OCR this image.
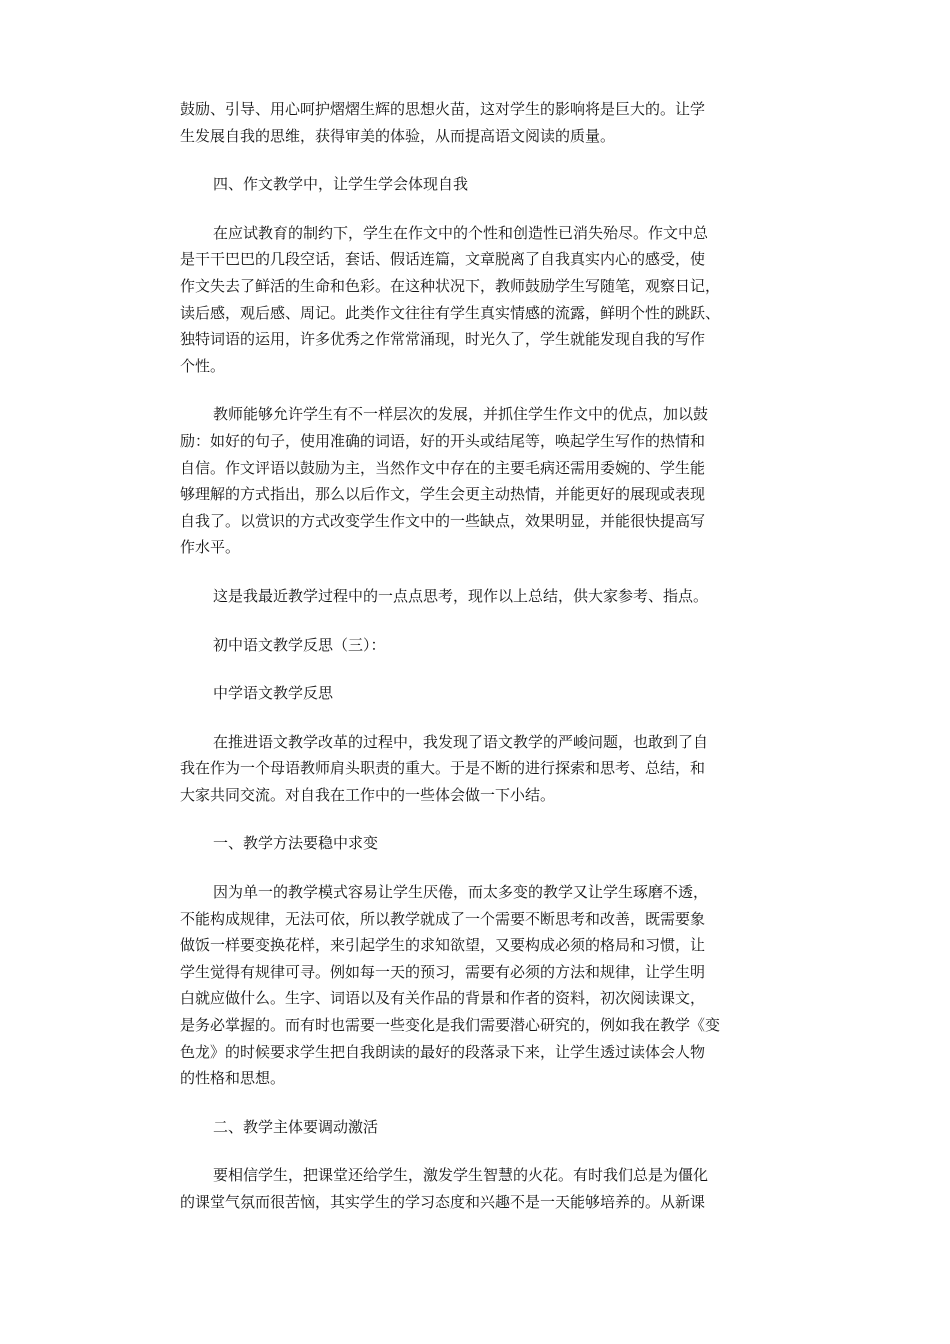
鼓励、引导、用心呵护熠熠生辉的思想火苗，这对学生的影响将是巨大的。让学
生发展自我的思维，获得审美的体验，从而提高语文阅读的质量。
四、作文教学中，让学生学会体现自我
在应试教育的制约下，学生在作文中的个性和创造性已消失殆尽。作文中总
是干干巴巴的几段空话，套话、假话连篇，文章脱离了自我真实内心的感受，使
作文失去了鲜活的生命和色彩。在这种状况下，教师鼓励学生写随笔，观察日记，
读后感，观后感、周记。此类作文往往有学生真实情感的流露，鲜明个性的跳跃、
独特词语的运用，许多优秀之作常常涌现，时光久了，学生就能发现自我的写作
个性。
教师能够允许学生有不一样层次的发展，并抓住学生作文中的优点，加以鼓
励：如好的句子，使用准确的词语，好的开头或结尾等，唤起学生写作的热情和
自信。作文评语以鼓励为主，当然作文中存在的主要毛病还需用委婉的、学生能
够理解的方式指出，那么以后作文，学生会更主动热情，并能更好的展现或表现
自我了。以赏识的方式改变学生作文中的一些缺点，效果明显，并能很快提高写
作水平。
这是我最近教学过程中的一点点思考，现作以上总结，供大家参考、指点。
初中语文教学反思（三）：
中学语文教学反思
在推进语文教学改革的过程中，我发现了语文教学的严峻问题，也敢到了自
我在作为一个母语教师肩头职责的重大。于是不断的进行探索和思考、总结，和
大家共同交流。对自我在工作中的一些体会做一下小结。
一、教学方法要稳中求变
因为单一的教学模式容易让学生厌倦，而太多变的教学又让学生琢磨不透，
不能构成规律，无法可依，所以教学就成了一个需要不断思考和改善，既需要象
做饭一样要变换花样，来引起学生的求知欲望，又要构成必须的格局和习惯，让
学生觉得有规律可寻。例如每一天的预习，需要有必须的方法和规律，让学生明
白就应做什么。生字、词语以及有关作品的背景和作者的资料，初次阅读课文，
是务必掌握的。而有时也需要一些变化是我们需要潜心研究的，例如我在教学《变
色龙》的时候要求学生把自我朗读的最好的段落录下来，让学生透过读体会人物
的性格和思想。
二、教学主体要调动激活
要相信学生，把课堂还给学生，激发学生智慧的火花。有时我们总是为僵化
的课堂气氛而很苦恼，其实学生的学习态度和兴趣不是一天能够培养的。从新课
